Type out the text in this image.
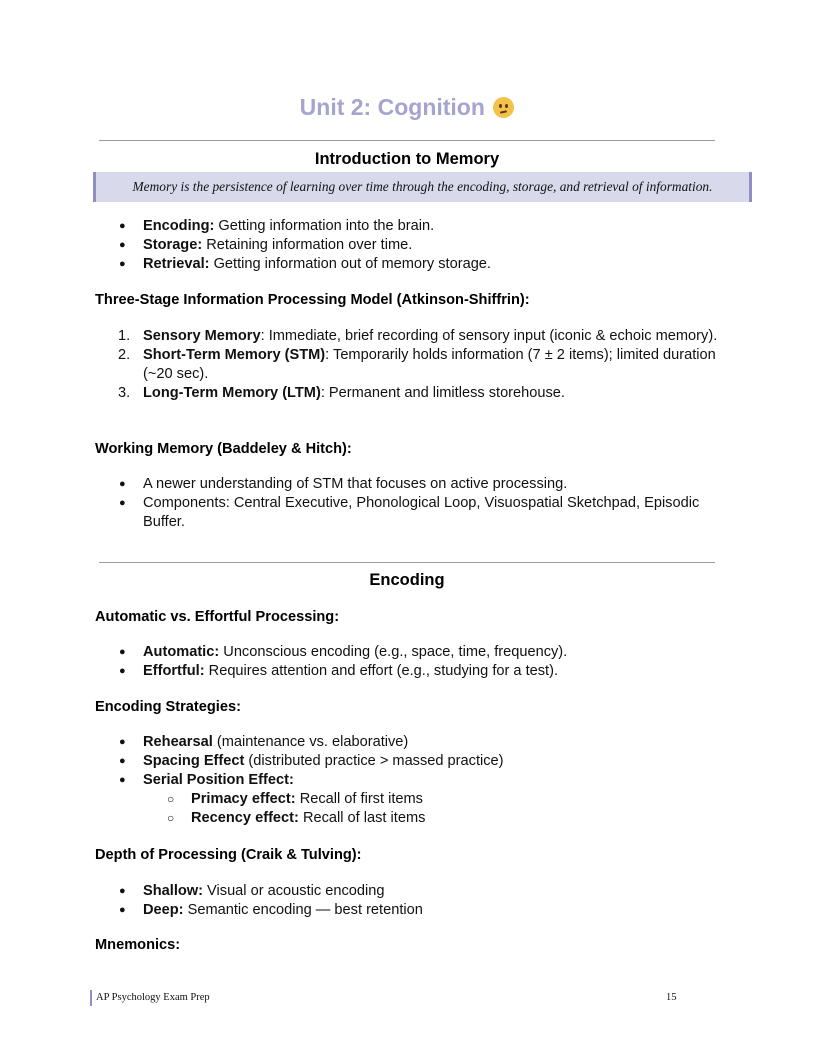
Unit 2: Cognition
Introduction to Memory
Memory is the persistence of learning over time through the encoding, storage, and retrieval of information.
● Encoding: Getting information into the brain.
● Storage: Retaining information over time.
● Retrieval: Getting information out of memory storage.
Three-Stage Information Processing Model (Atkinson-Shiffrin):
1. Sensory Memory: Immediate, brief recording of sensory input (iconic & echoic memory).
2. Short-Term Memory (STM): Temporarily holds information (7 ± 2 items); limited duration (~20 sec).
3. Long-Term Memory (LTM): Permanent and limitless storehouse.
Working Memory (Baddeley & Hitch):
● A newer understanding of STM that focuses on active processing.
● Components: Central Executive, Phonological Loop, Visuospatial Sketchpad, Episodic Buffer.
Encoding
Automatic vs. Effortful Processing:
● Automatic: Unconscious encoding (e.g., space, time, frequency).
● Effortful: Requires attention and effort (e.g., studying for a test).
Encoding Strategies:
● Rehearsal (maintenance vs. elaborative)
● Spacing Effect (distributed practice > massed practice)
● Serial Position Effect:
○ Primacy effect: Recall of first items
○ Recency effect: Recall of last items
Depth of Processing (Craik & Tulving):
● Shallow: Visual or acoustic encoding
● Deep: Semantic encoding — best retention
Mnemonics:
AP Psychology Exam Prep	15
